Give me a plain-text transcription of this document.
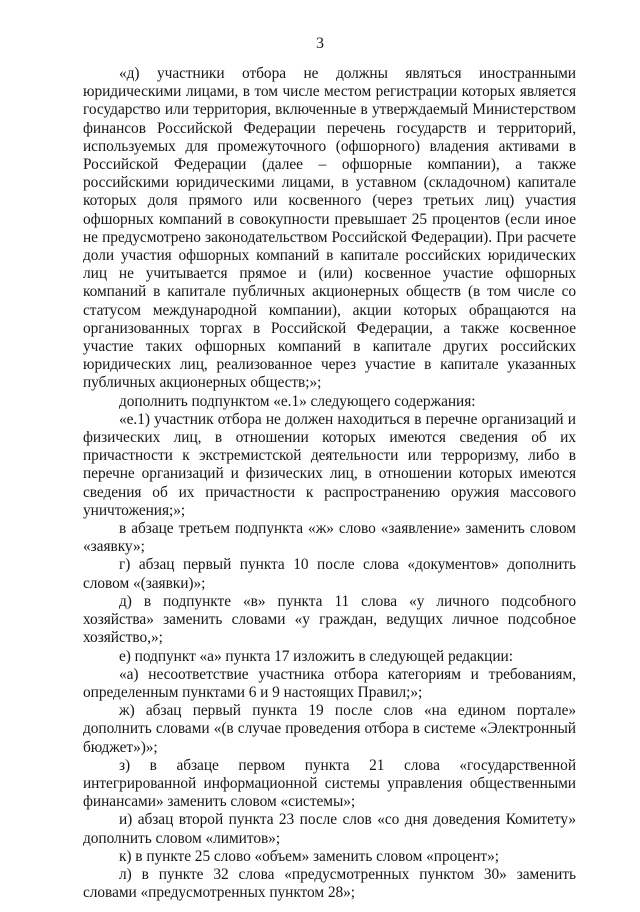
3

«д) участники отбора не должны являться иностранными юридическими лицами, в том числе местом регистрации которых является государство или территория, включенные в утверждаемый Министерством финансов Российской Федерации перечень государств и территорий, используемых для промежуточного (офшорного) владения активами в Российской Федерации (далее – офшорные компании), а также российскими юридическими лицами, в уставном (складочном) капитале которых доля прямого или косвенного (через третьих лиц) участия офшорных компаний в совокупности превышает 25 процентов (если иное не предусмотрено законодательством Российской Федерации). При расчете доли участия офшорных компаний в капитале российских юридических лиц не учитывается прямое и (или) косвенное участие офшорных компаний в капитале публичных акционерных обществ (в том числе со статусом международной компании), акции которых обращаются на организованных торгах в Российской Федерации, а также косвенное участие таких офшорных компаний в капитале других российских юридических лиц, реализованное через участие в капитале указанных публичных акционерных обществ;»;

дополнить подпунктом «е.1» следующего содержания:

«е.1) участник отбора не должен находиться в перечне организаций и физических лиц, в отношении которых имеются сведения об их причастности к экстремистской деятельности или терроризму, либо в перечне организаций и физических лиц, в отношении которых имеются сведения об их причастности к распространению оружия массового уничтожения;»;

в абзаце третьем подпункта «ж» слово «заявление» заменить словом «заявку»;

г) абзац первый пункта 10 после слова «документов» дополнить словом «(заявки)»;

д) в подпункте «в» пункта 11 слова «у личного подсобного хозяйства» заменить словами «у граждан, ведущих личное подсобное хозяйство,»;

е) подпункт «а» пункта 17 изложить в следующей редакции:

«а) несоответствие участника отбора категориям и требованиям, определенным пунктами 6 и 9 настоящих Правил;»;

ж) абзац первый пункта 19 после слов «на едином портале» дополнить словами «(в случае проведения отбора в системе «Электронный бюджет»)»;

з) в абзаце первом пункта 21 слова «государственной интегрированной информационной системы управления общественными финансами» заменить словом «системы»;

и) абзац второй пункта 23 после слов «со дня доведения Комитету» дополнить словом «лимитов»;

к) в пункте 25 слово «объем» заменить словом «процент»;

л) в пункте 32 слова «предусмотренных пунктом 30» заменить словами «предусмотренных пунктом 28»;
